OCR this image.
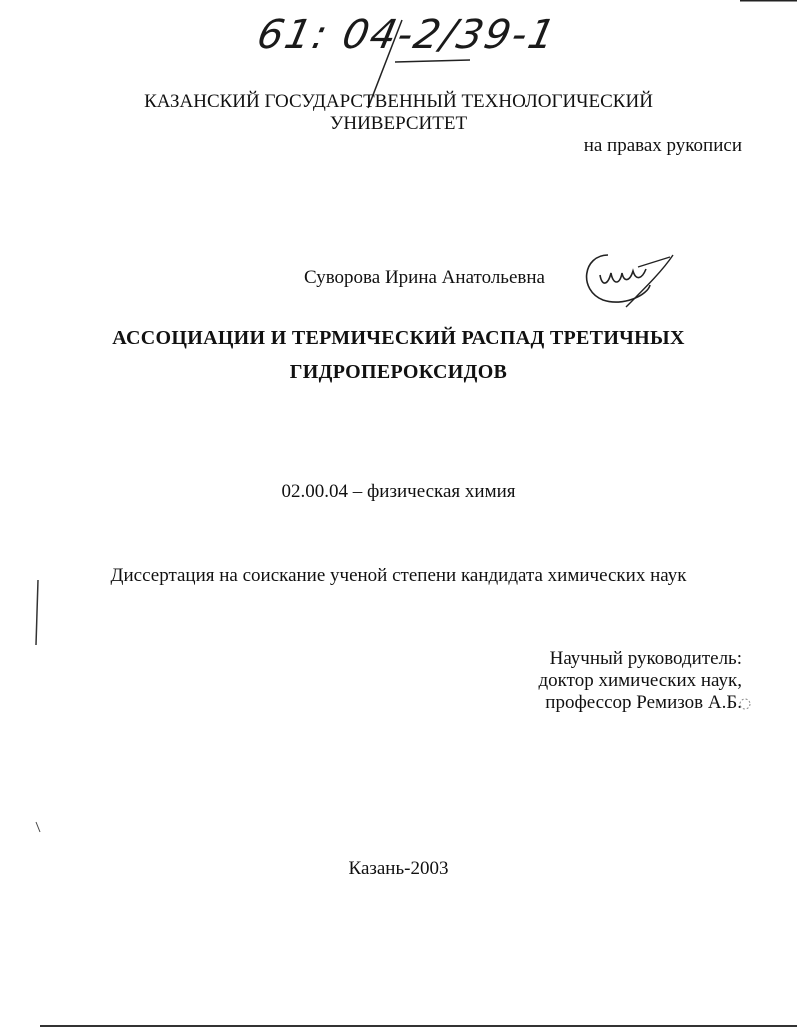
61: 04-2/39-1
КАЗАНСКИЙ ГОСУДАРСТВЕННЫЙ ТЕХНОЛОГИЧЕСКИЙ
УНИВЕРСИТЕТ
на правах рукописи
Суворова Ирина Анатольевна
АССОЦИАЦИИ И ТЕРМИЧЕСКИЙ РАСПАД ТРЕТИЧНЫХ
ГИДРОПЕРОКСИДОВ
02.00.04 – физическая химия
Диссертация на соискание ученой степени кандидата химических наук
Научный руководитель:
доктор химических наук,
профессор Ремизов А.Б.
Казань-2003
